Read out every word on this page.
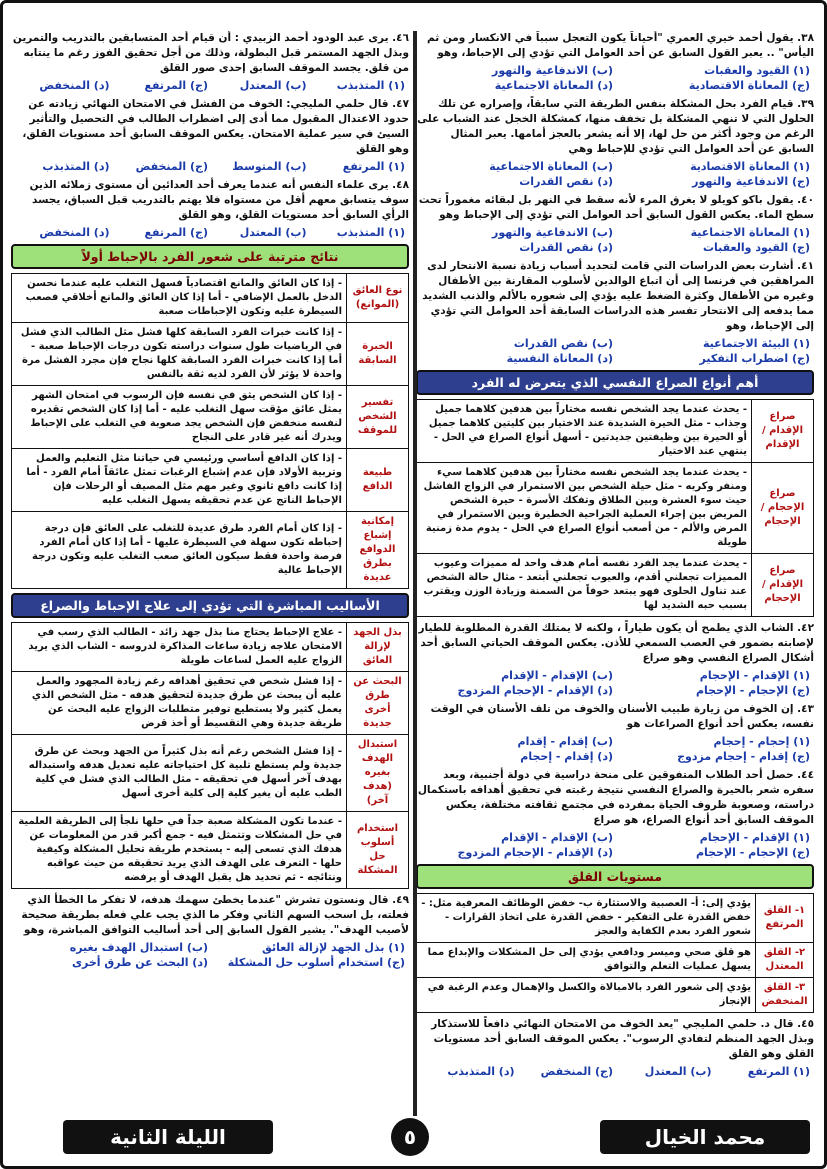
٣٨. يقول أحمد خيري العمري "أحياناً يكون التعجل سبباً في الانكسار ومن ثم اليأس" .. يعبر القول السابق عن أحد العوامل التي تؤدي إلى الإحباط، وهو
(١) القيود والعقبات
(ب) الاندفاعية والتهور
(ج) المعاناة الاقتصادية
(د) المعاناة الاجتماعية
٣٩. قيام الفرد بحل المشكلة بنفس الطريقة التي سابقاً، وإصراره عن تلك الحلول التي لا تنهي المشكلة بل تخفف منها، كمشكلة الخجل عند الشباب على الرغم من وجود أكثر من حل لها، إلا أنه يشعر بالعجز أمامها. يعبر المثال السابق عن أحد العوامل التي تؤدي للإحباط وهي
(١) المعاناة الاقتصادية
(ب) المعاناة الاجتماعية
(ج) الاندفاعية والتهور
(د) نقص القدرات
٤٠. يقول باكو كويلو لا يغرق المرء لأنه سقط في النهر بل لبقائه مغموراً تحت سطح الماء. يعكس القول السابق أحد العوامل التي تؤدي إلى الإحباط وهو
(١) المعاناة الاجتماعية
(ب) الاندفاعية والتهور
(ج) القيود والعقبات
(د) نقص القدرات
٤١. أشارت بعض الدراسات التي قامت لتحديد أسباب زيادة نسبة الانتحار لدى المراهقين في فرنسا إلى أن اتباع الوالدين لأسلوب المقارنة بين الأطفال وغيره من الأطفال وكثرة الضغط عليه يؤدي إلى شعوره بالألم والذنب الشديد مما يدفعه إلى الانتحار تفسر هذه الدراسات السابقة أحد العوامل التي تؤدي إلى الإحباط، وهو
(١) البيئة الاجتماعية
(ب) نقص القدرات
(ج) اضطراب التفكير
(د) المعاناة النفسية
أهم أنواع الصراع النفسي الذي يتعرض له الفرد
صراع الإقدام / الإقدام	- يحدث عندما يجد الشخص نفسه مختاراً بين هدفين كلاهما جميل وجذاب - مثل الحيرة الشديدة عند الاختيار بين كليتين كلاهما جميل أو الحيرة بين وظيفتين جديدتين - أسهل أنواع الصراع في الحل - ينتهي عند الاختيار
صراع الإحجام / الإحجام	- يحدث عندما يجد الشخص نفسه مختاراً بين هدفين كلاهما سيء ومنفر وكريه - مثل حيلة الشخص بين الاستمرار في الزواج الفاشل حيث سوء العشرة وبين الطلاق وتفكك الأسرة - حيرة الشخص المريض بين إجراء العملية الجراحية الخطيرة وبين الاستمرار في المرض والألم - من أصعب أنواع الصراع في الحل - يدوم مدة زمنية طويلة
صراع الإقدام / الإحجام	- يحدث عندما يجد الفرد نفسه أمام هدف واحد له مميزات وعيوب المميزات تجعلني أقدم، والعيوب تجعلني أبتعد - مثال حالة الشخص عند تناول الحلوى فهو يبتعد خوفاً من السمنة وزيادة الوزن ويقترب بسبب حبه الشديد لها
٤٢. الشاب الذي يطمح أن يكون طياراً ، ولكنه لا يمتلك القدرة المطلوبة للطيار لإصابته بضمور في العصب السمعي للأذن. يعكس الموقف الحياتي السابق أحد أشكال الصراع النفسي وهو صراع
(١) الإقدام - الإحجام
(ب) الإقدام - الإقدام
(ج) الإحجام - الإحجام
(د) الإقدام - الإحجام المزدوج
٤٣. إن الخوف من زيارة طبيب الأسنان والخوف من تلف الأسنان في الوقت نفسه، يعكس أحد أنواع الصراعات هو
(١) إحجام - إحجام
(ب) إقدام - إقدام
(ج) إقدام - إحجام مزدوج
(د) إقدام - إحجام
٤٤. حصل أحد الطلاب المتفوقين على منحة دراسية في دولة أجنبية، وبعد سفره شعر بالحيرة والصراع النفسي نتيجة رغبته في تحقيق أهدافه باستكمال دراسته، وصعوبة ظروف الحياة بمفرده في مجتمع ثقافته مختلفة، يعكس الموقف السابق أحد أنواع الصراع، هو صراع
(١) الإقدام - الإحجام
(ب) الإقدام - الإقدام
(ج) الإحجام - الإحجام
(د) الإقدام - الإحجام المزدوج
مستويات القلق
١- القلق المرتفع	يؤدي إلى: أ- العصبية والاستثارة ب- خفض الوظائف المعرفية مثل: - خفض القدرة على التفكير - خفض القدرة على اتخاذ القرارات - شعور الفرد بعدم الكفاية والعجز
٢- القلق المعتدل	هو قلق صحي وميسر ودافعي يؤدي إلى حل المشكلات والإبداع مما يسهل عمليات التعلم والتوافق
٣- القلق المنخفض	يؤدي إلى شعور الفرد بالامبالاة والكسل والإهمال وعدم الرغبة في الإنجاز
٤٥. قال د. حلمي المليجي "يعد الخوف من الامتحان النهائي دافعاً للاستذكار وبذل الجهد المنظم لتفادي الرسوب". يعكس الموقف السابق أحد مستويات القلق وهو القلق
(١) المرتفع
(ب) المعتدل
(ج) المنخفض
(د) المتذبذب
٤٦. يرى عبد الودود أحمد الزبيدي : أن قيام أحد المتسابقين بالتدريب والتمرين وبذل الجهد المستمر قبل البطولة، وذلك من أجل تحقيق الفوز رغم ما ينتابه من قلق. يجسد الموقف السابق إحدى صور القلق
(١) المتذبذب
(ب) المعتدل
(ج) المرتفع
(د) المنخفض
٤٧. قال حلمي المليجي: الخوف من الفشل في الامتحان النهائي زيادته عن حدود الاعتدال المقبول مما أدى إلى اضطراب الطالب في التحصيل والتأثير السيئ في سير عملية الامتحان. يعكس الموقف السابق أحد مستويات القلق، وهو القلق
(١) المرتفع
(ب) المتوسط
(ج) المنخفض
(د) المتذبذب
٤٨. يرى علماء النفس أنه عندما يعرف أحد العدائين أن مستوى زملائه الذين سوف يتسابق معهم أقل من مستواه فلا يهتم بالتدريب قبل السباق، يجسد الرأي السابق أحد مستويات القلق، وهو القلق
(١) المتذبذب
(ب) المعتدل
(ج) المرتفع
(د) المنخفض
نتائج مترتبة على شعور الفرد بالإحباط أولاً
نوع العائق (الموانع)	- إذا كان العائق والمانع اقتصادياً فسهل التغلب عليه عندما نحسن الدخل بالعمل الإضافي - أما إذا كان العائق والمانع أخلاقي فصعب السيطرة عليه وتكون الإحباطات صعبة
الخبرة السابقة	- إذا كانت خبرات الفرد السابقة كلها فشل مثل الطالب الذي فشل في الرياضيات طول سنوات دراسته تكون درجات الإحباط صعبة - أما إذا كانت خبرات الفرد السابقة كلها نجاح فإن مجرد الفشل مرة واحدة لا يؤثر لأن الفرد لديه ثقة بالنفس
تفسير الشخص للموقف	- إذا كان الشخص يثق في نفسه فإن الرسوب في امتحان الشهر يمثل عائق مؤقت سهل التغلب عليه - أما إذا كان الشخص تقديره لنفسه منخفض فإن الشخص يجد صعوبة في التغلب على الإحباط ويدرك أنه غير قادر على النجاح
طبيعة الدافع	- إذا كان الدافع أساسي ورئيسي في حياتنا مثل التعليم والعمل وتربية الأولاد فإن عدم إشباع الرغبات تمثل عائقاً أمام الفرد - أما إذا كانت دافع ثانوي وغير مهم مثل المصيف أو الرحلات فإن الإحباط الناتج عن عدم تحقيقه يسهل التغلب عليه
إمكانية إشباع الدوافع بطرق عديدة	- إذا كان أمام الفرد طرق عديدة للتغلب على العائق فإن درجة إحباطه تكون سهلة في السيطرة عليها - أما إذا كان أمام الفرد فرصة واحدة فقط سيكون العائق صعب التغلب عليه وتكون درجة الإحباط عالية
الأساليب المباشرة التي تؤدي إلى علاج الإحباط والصراع
بذل الجهد لإزالة العائق	- علاج الإحباط يحتاج منا بذل جهد زائد - الطالب الذي رسب في الامتحان علاجه زيادة ساعات المذاكرة لدروسه - الشاب الذي يريد الزواج عليه العمل لساعات طويلة
البحث عن طرق أخرى جديدة	- إذا فشل شخص في تحقيق أهدافه رغم زيادة المجهود والعمل عليه أن يبحث عن طرق جديدة لتحقيق هدفه - مثل الشخص الذي يعمل كثير ولا يستطيع توفير متطلبات الزواج عليه البحث عن طريقة جديدة وهي التقسيط أو أخذ قرض
استبدال الهدف بغيره (هدف آخر)	- إذا فشل الشخص رغم أنه بذل كثيراً من الجهد وبحث عن طرق جديدة ولم يستطع تلبية كل احتياجاته عليه تعديل هدفه واستبداله بهدف آخر أسهل في تحقيقه - مثل الطالب الذي فشل في كلية الطب عليه أن يغير كلية إلى كلية أخرى أسهل
استخدام أسلوب حل المشكلة	- عندما تكون المشكلة صعبة جداً في حلها نلجأ إلى الطريقة العلمية في حل المشكلات وتتمثل فيه - جمع أكبر قدر من المعلومات عن هدفك الذي تسعى إليه - يستخدم طريقة تحليل المشكلة وكيفية حلها - التعرف على الهدف الذي يريد تحقيقه من حيث عواقبه ونتائجه - ثم تحديد هل يقبل الهدف أو يرفضه
٤٩. قال ونستون تشرش "عندما يخطئ سهمك هدفه، لا تفكر ما الخطأ الذي فعلته، بل اسحب السهم الثاني وفكر ما الذي يجب علي فعله بطريقة صحيحة لأصيب الهدف". يشير القول السابق إلى أحد أساليب التوافق المباشرة، وهو
(١) بذل الجهد لإزالة العائق
(ب) استبدال الهدف بغيره
(ج) استخدام أسلوب حل المشكلة
(د) البحث عن طرق أخرى
محمد الخيال
٥
الليلة الثانية
